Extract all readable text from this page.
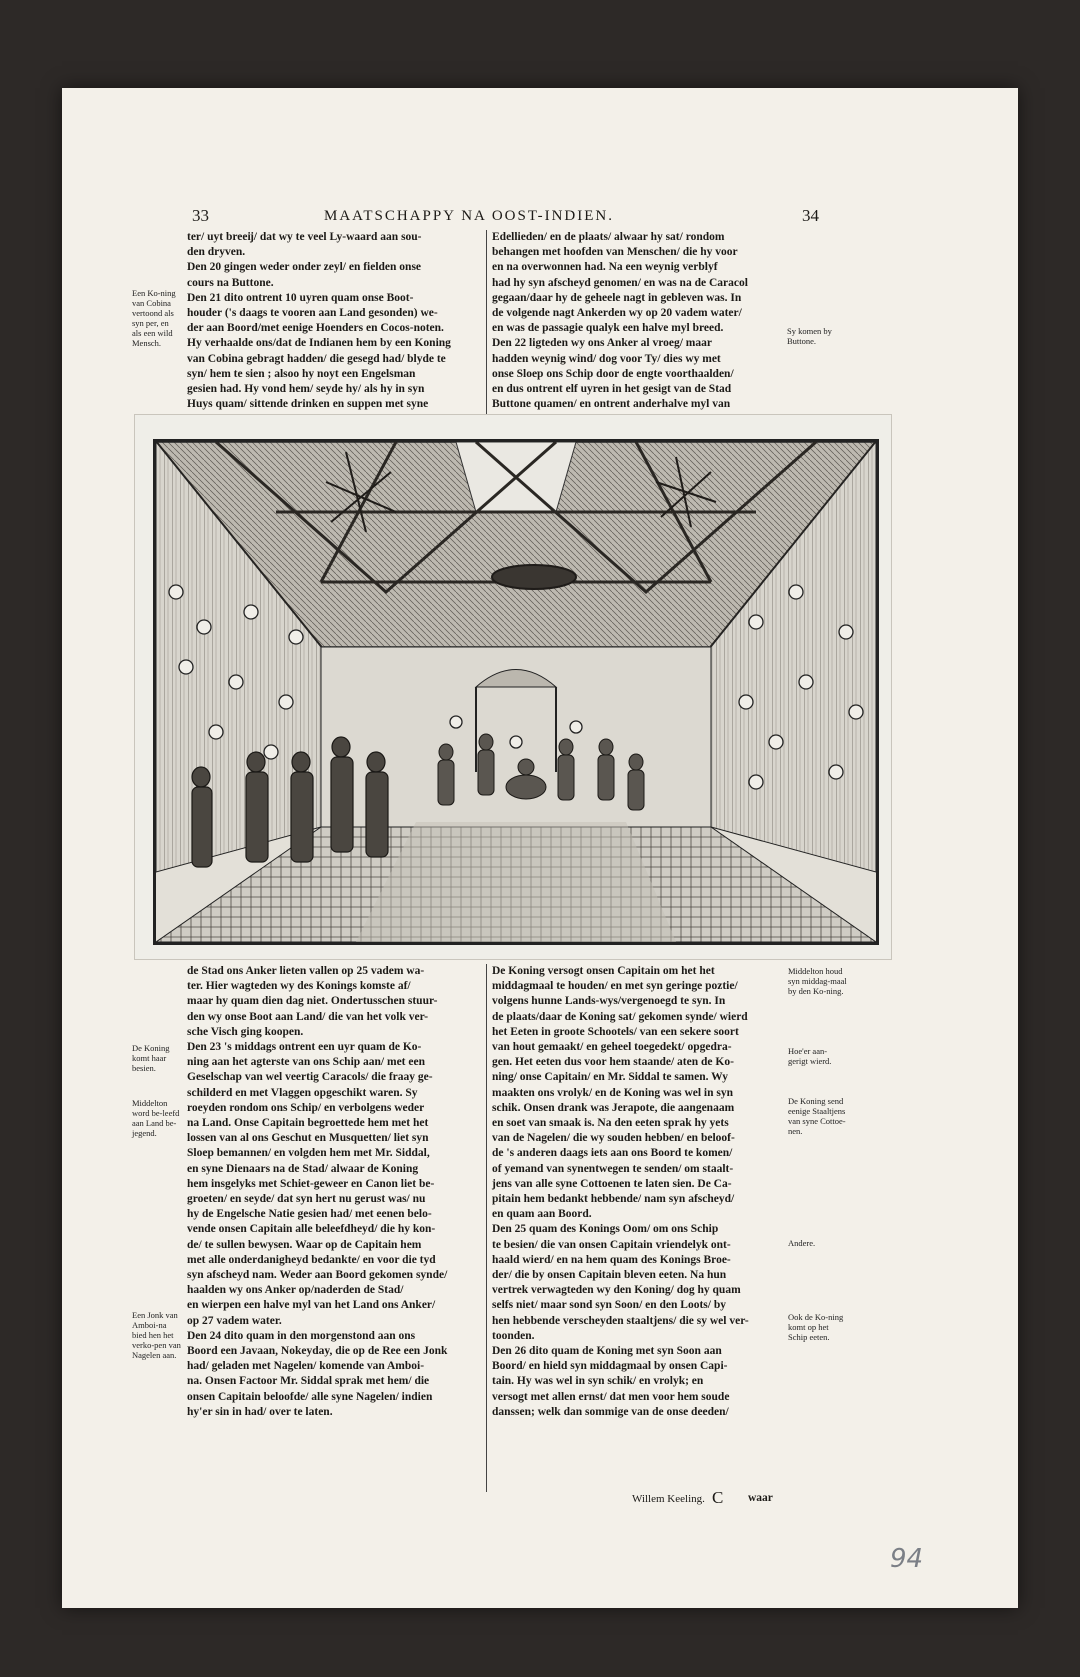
33	MAATSCHAPPY NA OOST-INDIEN.	34

ter/ uyt breeĳ/ dat wy te veel Ly-waard aan sou-

den dryven.

Den 20 gingen weder onder zeyl/ en fielden onse

cours na Buttone.

Den 21 dito ontrent 10 uyren quam onse Boot-

houder ('s daags te vooren aan Land gesonden) we-

der aan Boord/met eenige Hoenders en Cocos-noten.

Hy verhaalde ons/dat de Indianen hem by een Koning

van Cobina gebragt hadden/ die gesegd had/ blyde te

syn/ hem te sien ; alsoo hy noyt een Engelsman

gesien had. Hy vond hem/ seyde hy/ als hy in syn

Huys quam/ sittende drinken en suppen met syne

Edellieden/ en de plaats/ alwaar hy sat/ rondom

behangen met hoofden van Menschen/ die hy voor

en na overwonnen had. Na een weynig verblyf

had hy syn afscheyd genomen/ en was na de Caracol

gegaan/daar hy de geheele nagt in gebleven was. In

de volgende nagt Ankerden wy op 20 vadem water/

en was de passagie qualyk een halve myl breed.

Den 22 ligteden wy ons Anker al vroeg/ maar

hadden weynig wind/ dog voor Ty/ dies wy met

onse Sloep ons Schip door de engte voorthaalden/

en dus ontrent elf uyren in het gesigt van de Stad

Buttone quamen/ en ontrent anderhalve myl van

Een Ko-ning van Cobina vertoond als syn per, en als een wild Mensch.
Sy komen by Buttone.

de Stad ons Anker lieten vallen op 25 vadem wa-

ter. Hier wagteden wy des Konings komste af/

maar hy quam dien dag niet. Ondertusschen stuur-

den wy onse Boot aan Land/ die van het volk ver-

sche Visch ging koopen.

Den 23 's middags ontrent een uyr quam de Ko-

ning aan het agterste van ons Schip aan/ met een

Geselschap van wel veertig Caracols/ die fraay ge-

schilderd en met Vlaggen opgeschikt waren. Sy

roeyden rondom ons Schip/ en verbolgens weder

na Land. Onse Capitain begroettede hem met het

lossen van al ons Geschut en Musquetten/ liet syn

Sloep bemannen/ en volgden hem met Mr. Siddal,

en syne Dienaars na de Stad/ alwaar de Koning

hem insgelyks met Schiet-geweer en Canon liet be-

groeten/ en seyde/ dat syn hert nu gerust was/ nu

hy de Engelsche Natie gesien had/ met eenen belo-

vende onsen Capitain alle beleefdheyd/ die hy kon-

de/ te sullen bewysen. Waar op de Capitain hem

met alle onderdanigheyd bedankte/ en voor die tyd

syn afscheyd nam. Weder aan Boord gekomen synde/

haalden wy ons Anker op/naderden de Stad/

en wierpen een halve myl van het Land ons Anker/

op 27 vadem water.

Den 24 dito quam in den morgenstond aan ons

Boord een Javaan, Nokeyday, die op de Ree een Jonk

had/ geladen met Nagelen/ komende van Amboi-

na. Onsen Factoor Mr. Siddal sprak met hem/ die

onsen Capitain beloofde/ alle syne Nagelen/ indien

hy'er sin in had/ over te laten.

De Koning versogt onsen Capitain om het het

middagmaal te houden/ en met syn geringe poztie/

volgens hunne Lands-wys/vergenoegd te syn. In

de plaats/daar de Koning sat/ gekomen synde/ wierd

het Eeten in groote Schootels/ van een sekere soort

van hout gemaakt/ en geheel toegedekt/ opgedra-

gen. Het eeten dus voor hem staande/ aten de Ko-

ning/ onse Capitain/ en Mr. Siddal te samen. Wy

maakten ons vrolyk/ en de Koning was wel in syn

schik. Onsen drank was Jerapote, die aangenaam

en soet van smaak is. Na den eeten sprak hy yets

van de Nagelen/ die wy souden hebben/ en beloof-

de 's anderen daags iets aan ons Boord te komen/

of yemand van synentwegen te senden/ om staalt-

jens van alle syne Cottoenen te laten sien. De Ca-

pitain hem bedankt hebbende/ nam syn afscheyd/

en quam aan Boord.

Den 25 quam des Konings Oom/ om ons Schip

te besien/ die van onsen Capitain vriendelyk ont-

haald wierd/ en na hem quam des Konings Broe-

der/ die by onsen Capitain bleven eeten. Na hun

vertrek verwagteden wy den Koning/ dog hy quam

selfs niet/ maar sond syn Soon/ en den Loots/ by

hen hebbende verscheyden staaltjens/ die sy wel ver-

toonden.

Den 26 dito quam de Koning met syn Soon aan

Boord/ en hield syn middagmaal by onsen Capi-

tain. Hy was wel in syn schik/ en vrolyk; en

versogt met allen ernst/ dat men voor hem soude

danssen; welk dan sommige van de onse deeden/

Middelton houd syn middag-maal by den Ko-ning.
De Koning komt haar besien.
Hoe'er aan-gerigt wierd.
Middelton word be-leefd aan Land be-jegend.
De Koning send eenige Staaltjens van syne Cottoe-nen.
Andere.
Een Jonk van Amboi-na bied hen het verko-pen van Nagelen aan.
Ook de Ko-ning komt op het Schip eeten.
Willem Keeling. C waar
94
